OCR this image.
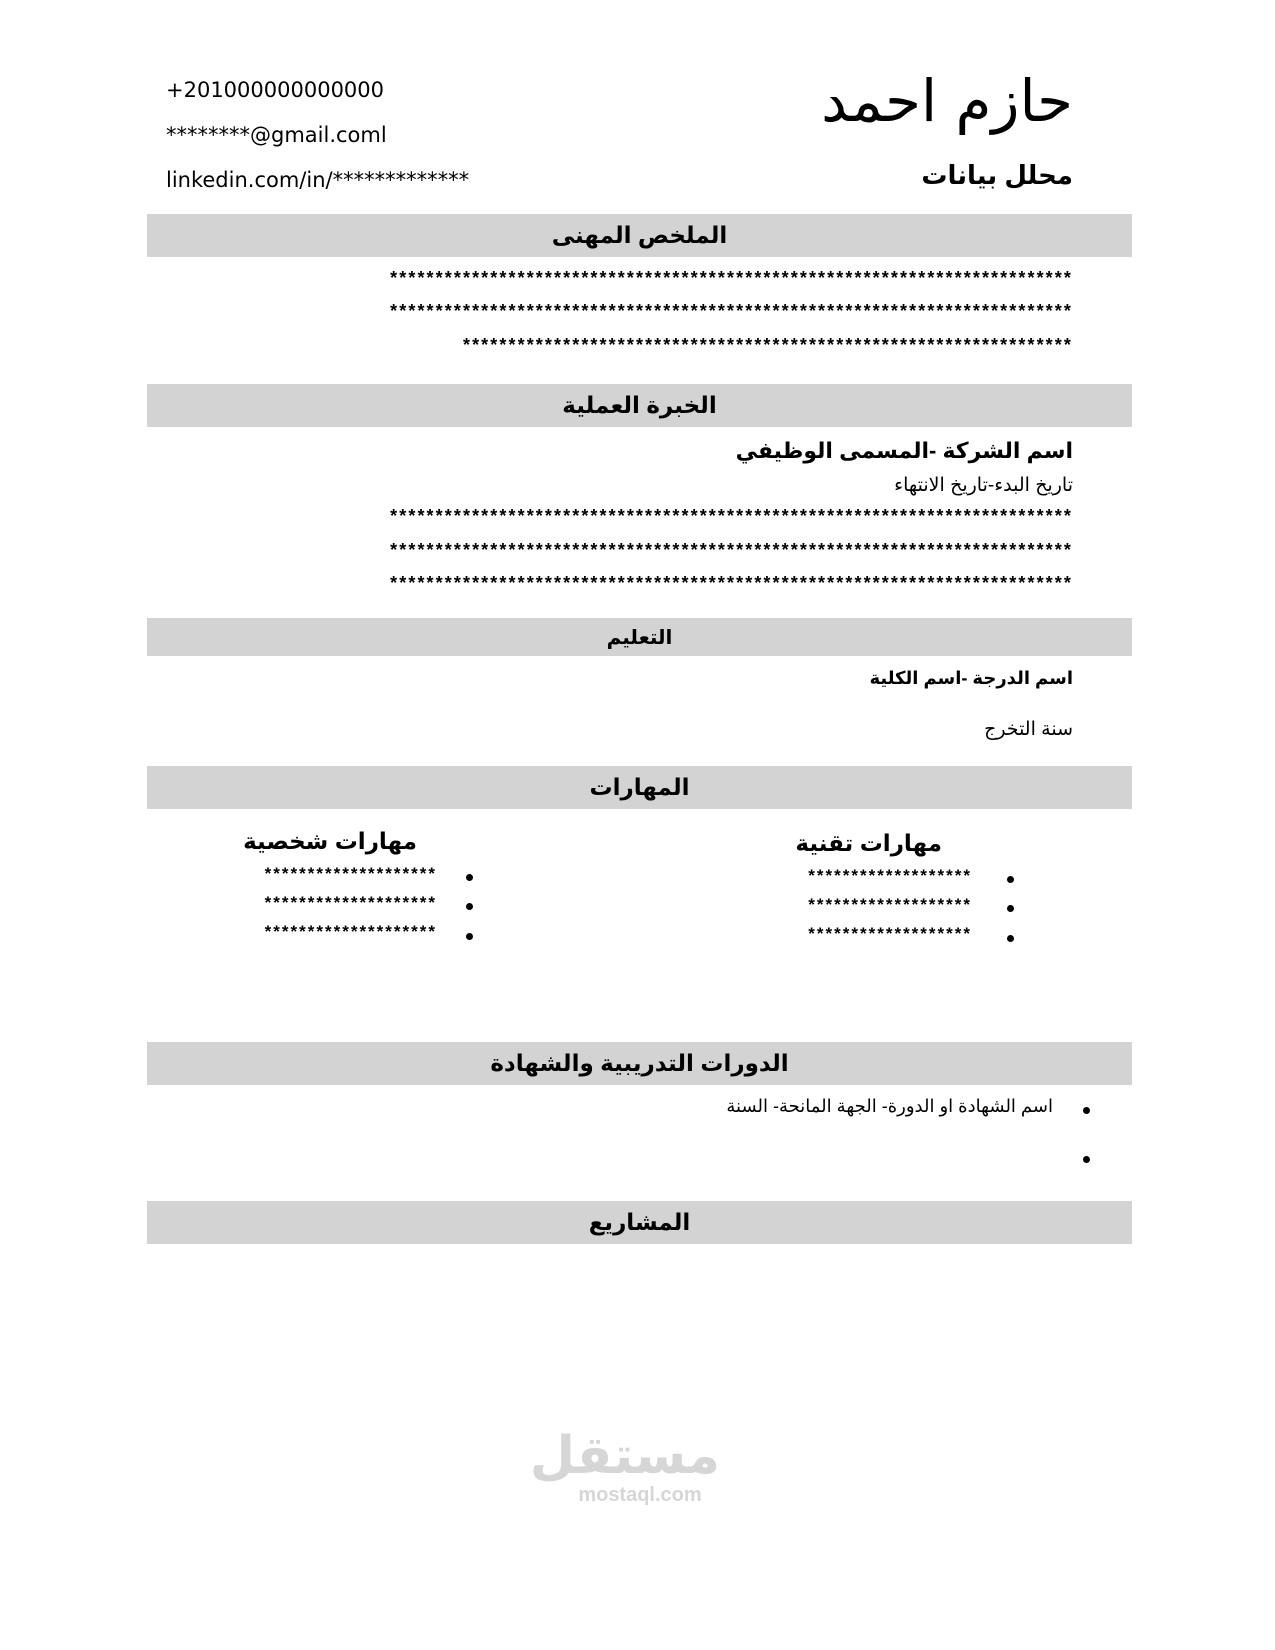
حازم احمد
محلل بيانات
+201000000000000
********@gmail.coml
linkedin.com/in/*************
الملخص المهنى
***************************************************************************
***************************************************************************
*******************************************************************
الخبرة العملية
اسم الشركة -المسمى الوظيفي
تاريخ البدء-تاريخ الانتهاء
***************************************************************************
***************************************************************************
***************************************************************************
التعليم
اسم الدرجة -اسم الكلية
سنة التخرج
المهارات
مهارات تقنية
*******************
*******************
*******************
مهارات شخصية
********************
********************
********************
الدورات التدريبية والشهادة
اسم الشهادة او الدورة- الجهة المانحة- السنة
المشاريع
مستقل
mostaql.com
